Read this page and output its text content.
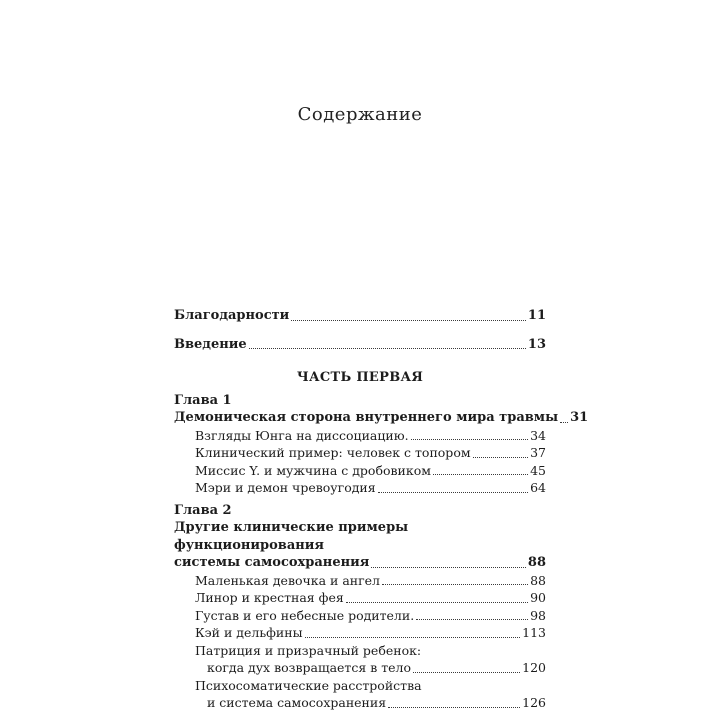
Содержание
Благодарности	11
Введение	13
ЧАСТЬ ПЕРВАЯ
Глава 1
Демоническая сторона внутреннего мира травмы 31
Взгляды Юнга на диссоциацию.	34
Клинический пример: человек с топором	37
Миссис Y. и мужчина с дробовиком	45
Мэри и демон чревоугодия	64
Глава 2
Другие клинические примеры функционирования
системы самосохранения	88
Маленькая девочка и ангел	88
Линор и крестная фея	90
Густав и его небесные родители.	98
Кэй и дельфины	113
Патриция и призрачный ребенок:
когда дух возвращается в тело	120
Психосоматические расстройства
и система самосохранения	126
